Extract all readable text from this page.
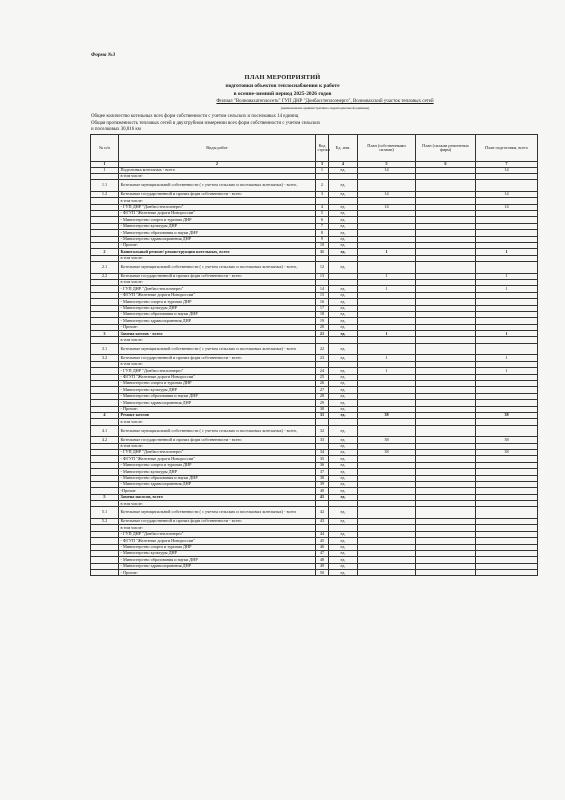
Форма №3
ПЛАН МЕРОПРИЯТИЙ
подготовки объектов теплоснабжения к работе
в осенне-зимний период 2025-2026 годов
Филиал "Волновахатеплосеть" ГУП ДНР "Донбасстеплоэнерго", Волновахский участок тепловых сетей
(наименование административно-территориальной единицы)
Общее количество котельных всех форм собственности с учетом сельских и поселковых 14 единиц
Общая протяженность тепловых сетей в двухтрубном измерении всех форм собственности с учетом сельских
и поселковых 30,816 км
№ п/п	Виды работ	Код строки	Ед. изм.	План (собственными силами)	План (силами ремонтных фирм)	План подготовки, всего
1	2	3	4	5	6	7
1	Подготовка котельных - всего	1	ед.	14		14
	в том числе:					
1.1	Котельные муниципальной собственности ( с учетом сельских и поселковых котельных) - всего,	2	ед.			
1.2	Котельные государственной и прочих форм собственности - всего	3	ед.	14		14
	в том числе:					
	- ГУП ДНР "Донбасстеплоэнерго"	4	ед.	14		14
	- ФГУП "Железные дороги Новороссии"	5	ед.			
	- Министерство спорта и туризма ДНР	6	ед.			
	- Министерство культуры ДНР	7	ед.			
	- Министерство образования и науки ДНР	8	ед.			
	- Министерство здравоохранения ДНР	9	ед.			
	- Прочие:	10	ед.			
2	Капитальный ремонт/ реконструкция котельных, всего	11	ед.	1		1
	в том числе:					
2.1	Котельные муниципальной собственности ( с учетом сельских и поселковых котельных) - всего,	12	ед.			
2.2	Котельные государственной и прочих форм собственности - всего	13		1		1
	в том числе:					
	- ГУП ДНР "Донбасстеплоэнерго"	14	ед.	1		1
	- ФГУП "Железные дороги Новороссии"	15	ед.			
	- Министерство спорта и туризма ДНР	16	ед.			
	- Министерство культуры ДНР	17	ед.			
	- Министерство образования и науки ДНР	18	ед.			
	- Министерство здравоохранения ДНР	19	ед.			
	- Прочие:	20	ед.			
3	Замена котлов - всего	21	ед.	1		1
	в том числе:					
3.1	Котельные муниципальной собственности ( с учетом сельских и поселковых котельных) - всего	22	ед.			
3.2	Котельные государственной и прочих форм собственности - всего	23	ед.	1		1
	в том числе:					
	- ГУП ДНР "Донбасстеплоэнерго"	24	ед.	1		1
	- ФГУП "Железные дороги Новороссии"	25	ед.			
	- Министерство спорта и туризма ДНР	26	ед.			
	- Министерство культуры ДНР	27	ед.			
	- Министерство образования и науки ДНР	28	ед.			
	- Министерство здравоохранения ДНР	29	ед.			
	- Прочие:	30	ед.			
4	Ремонт котлов	31	ед.	38		38
	в том числе:					
4.1	Котельные муниципальной собственности ( с учетом сельских и поселковых котельных) - всего,	32	ед.			
4.2	Котельные государственной и прочих форм собственности - всего	33	ед.	38		38
	в том числе:		ед.			
	- ГУП ДНР "Донбасстеплоэнерго"	34	ед.	38		38
	- ФГУП "Железные дороги Новороссии"	35	ед.			
	- Министерство спорта и туризма ДНР	36	ед.			
	- Министерство культуры ДНР	37	ед.			
	- Министерство образования и науки ДНР	38	ед.			
	- Министерство здравоохранения ДНР	39	ед.			
	-Прочие	40	ед.			
5	Замена насосов, всего	41	ед.			
	в том числе:					
5.1	Котельные муниципальной собственности ( с учетом сельских и поселковых котельных) - всего	42	ед.			
5.2	Котельные государственной и прочих форм собственности - всего	43	ед.			
	в том числе:					
	- ГУП ДНР "Донбасстеплоэнерго"	44	ед.			
	- ФГУП "Железные дороги Новороссии"	45	ед.			
	- Министерство спорта и туризма ДНР	46	ед.			
	- Министерство культуры ДНР	47	ед.			
	- Министерство образования и науки ДНР	48	ед.			
	- Министерство здравоохранения ДНР	49	ед.			
	- Прочие:	50	ед.			
